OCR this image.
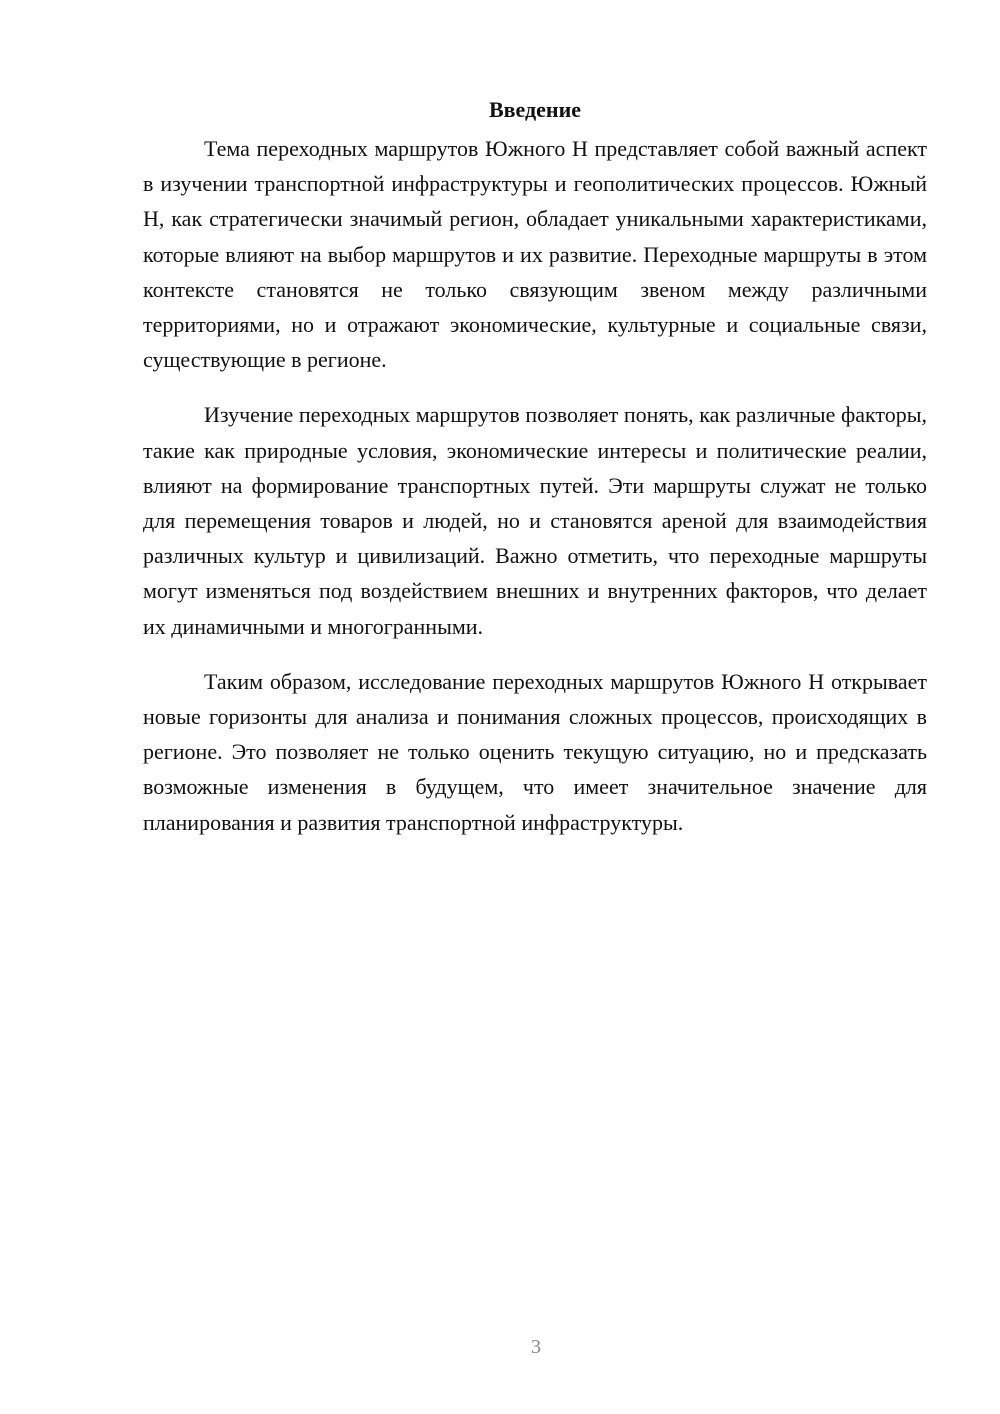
Введение

Тема переходных маршрутов Южного Н представляет собой важный аспект в изучении транспортной инфраструктуры и геополитических процессов. Южный Н, как стратегически значимый регион, обладает уникальными характеристиками, которые влияют на выбор маршрутов и их развитие. Переходные маршруты в этом контексте становятся не только связующим звеном между различными территориями, но и отражают экономические, культурные и социальные связи, существующие в регионе.

Изучение переходных маршрутов позволяет понять, как различные факторы, такие как природные условия, экономические интересы и политические реалии, влияют на формирование транспортных путей. Эти маршруты служат не только для перемещения товаров и людей, но и становятся ареной для взаимодействия различных культур и цивилизаций. Важно отметить, что переходные маршруты могут изменяться под воздействием внешних и внутренних факторов, что делает их динамичными и многогранными.

Таким образом, исследование переходных маршрутов Южного Н открывает новые горизонты для анализа и понимания сложных процессов, происходящих в регионе. Это позволяет не только оценить текущую ситуацию, но и предсказать возможные изменения в будущем, что имеет значительное значение для планирования и развития транспортной инфраструктуры.

3
